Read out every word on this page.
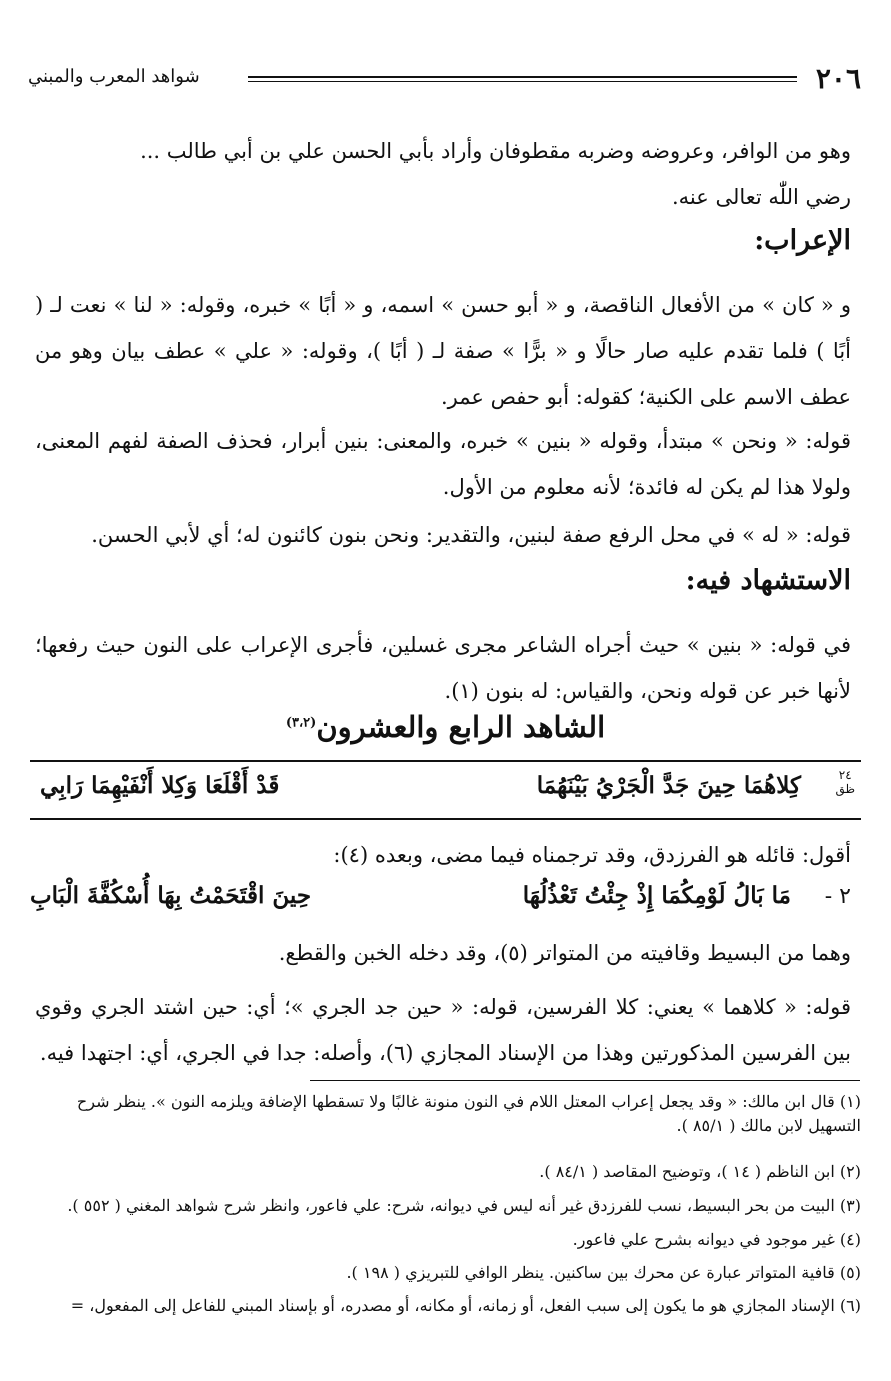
٢٠٦
شواهد المعرب والمبني

وهو من الوافر، وعروضه وضربه مقطوفان وأراد بأبي الحسن علي بن أبي طالب ...

رضي اللّٰه تعالى عنه.

الإعراب:

و « كان » من الأفعال الناقصة، و « أبو حسن » اسمه، و « أبًا » خبره، وقوله: « لنا » نعت لـ ( أبًا ) فلما تقدم عليه صار حالًا و « برًّا » صفة لـ ( أبًا )، وقوله: « علي » عطف بيان وهو من عطف الاسم على الكنية؛ كقوله: أبو حفص عمر.

قوله: « ونحن » مبتدأ، وقوله « بنين » خبره، والمعنى: بنين أبرار، فحذف الصفة لفهم المعنى، ولولا هذا لم يكن له فائدة؛ لأنه معلوم من الأول.

قوله: « له » في محل الرفع صفة لبنين، والتقدير: ونحن بنون كائنون له؛ أي لأبي الحسن.

الاستشهاد فيه:

في قوله: « بنين » حيث أجراه الشاعر مجرى غسلين، فأجرى الإعراب على النون حيث رفعها؛ لأنها خبر عن قوله ونحن، والقياس: له بنون (١).

الشاهد الرابع والعشرون$^{(٣،٢)}$
٢٤
ظق
كِلاهُمَا حِينَ جَدَّ الْجَرْيُ بَيْنَهُمَا
قَدْ أَقْلَعَا وَكِلا أَنْفَيْهِمَا رَابِي

أقول: قائله هو الفرزدق، وقد ترجمناه فيما مضى، وبعده (٤):

٢ -
مَا بَالُ لَوْمِكُمَا إِذْ جِئْتُ تَعْذُلُهَا
حِينَ اقْتَحَمْتُ بِهَا أُسْكُفَّةَ الْبَابِ

وهما من البسيط وقافيته من المتواتر (٥)، وقد دخله الخبن والقطع.

قوله: « كلاهما » يعني: كلا الفرسين، قوله: « حين جد الجري »؛ أي: حين اشتد الجري وقوي بين الفرسين المذكورتين وهذا من الإسناد المجازي (٦)، وأصله: جدا في الجري، أي: اجتهدا فيه.

(١) قال ابن مالك: « وقد يجعل إعراب المعتل اللام في النون منونة غالبًا ولا تسقطها الإضافة ويلزمه النون ». ينظر شرح التسهيل لابن مالك ( ٨٥/١ ).
(٢) ابن الناظم ( ١٤ )، وتوضيح المقاصد ( ٨٤/١ ).
(٣) البيت من بحر البسيط، نسب للفرزدق غير أنه ليس في ديوانه، شرح: علي فاعور، وانظر شرح شواهد المغني ( ٥٥٢ ).
(٤) غير موجود في ديوانه بشرح علي فاعور.
(٥) قافية المتواتر عبارة عن محرك بين ساكنين. ينظر الوافي للتبريزي ( ١٩٨ ).
(٦) الإسناد المجازي هو ما يكون إلى سبب الفعل، أو زمانه، أو مكانه، أو مصدره، أو بإسناد المبني للفاعل إلى المفعول، =
